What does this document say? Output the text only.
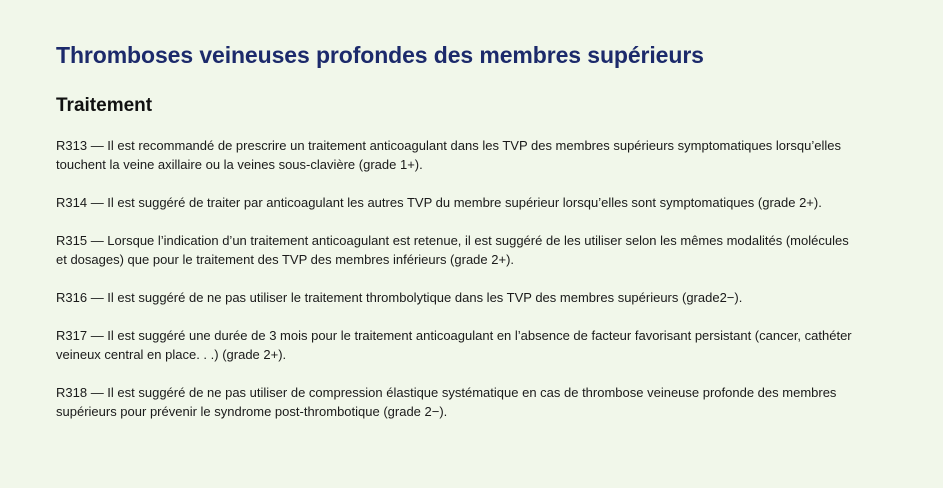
Thromboses veineuses profondes des membres supérieurs
Traitement

R313 — Il est recommandé de prescrire un traitement anticoagulant dans les TVP des membres supérieurs symptomatiques lorsqu’elles touchent la veine axillaire ou la veines sous-clavière (grade 1+).

R314 — Il est suggéré de traiter par anticoagulant les autres TVP du membre supérieur lorsqu’elles sont symptomatiques (grade 2+).

R315 — Lorsque l’indication d’un traitement anticoagulant est retenue, il est suggéré de les utiliser selon les mêmes modalités (molécules et dosages) que pour le traitement des TVP des membres inférieurs (grade 2+).

R316 — Il est suggéré de ne pas utiliser le traitement thrombolytique dans les TVP des membres supérieurs (grade2−).

R317 — Il est suggéré une durée de 3 mois pour le traitement anticoagulant en l’absence de facteur favorisant persistant (cancer, cathéter veineux central en place. . .) (grade 2+).

R318 — Il est suggéré de ne pas utiliser de compression élastique systématique en cas de thrombose veineuse profonde des membres supérieurs pour prévenir le syndrome post-thrombotique (grade 2−).
